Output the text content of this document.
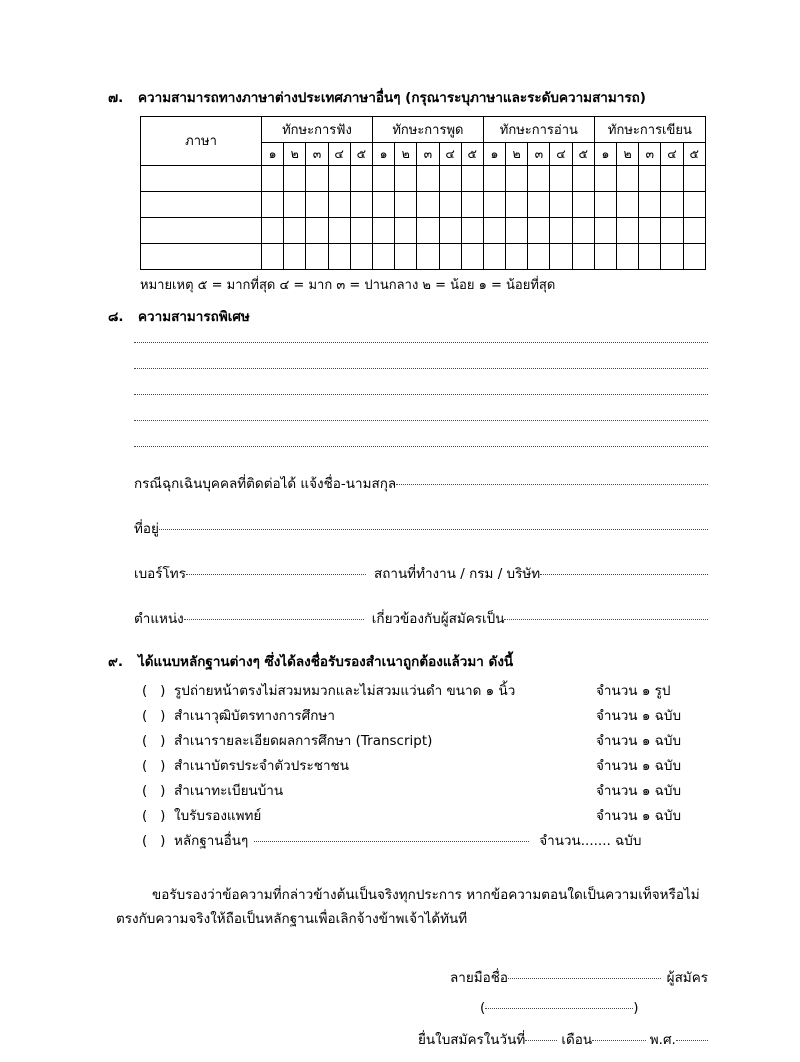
๗.	ความสามารถทางภาษาต่างประเทศภาษาอื่นๆ (กรุณาระบุภาษาและระดับความสามารถ)
ภาษา	ทักษะการฟัง					ทักษะการพูด					ทักษะการอ่าน					ทักษะการเขียน				
	๑	๒	๓	๔	๕	๑	๒	๓	๔	๕	๑	๒	๓	๔	๕	๑	๒	๓	๔	๕

หมายเหตุ ๕ = มากที่สุด ๔ = มาก ๓ = ปานกลาง ๒ = น้อย ๑ = น้อยที่สุด
๘.	ความสามารถพิเศษ
กรณีฉุกเฉินบุคคลที่ติดต่อได้ แจ้งชื่อ-นามสกุล
ที่อยู่
เบอร์โทร	สถานที่ทำงาน / กรม / บริษัท
ตำแหน่ง	เกี่ยวข้องกับผู้สมัครเป็น
๙.	ได้แนบหลักฐานต่างๆ ซึ่งได้ลงชื่อรับรองสำเนาถูกต้องแล้วมา ดังนี้
(   ) รูปถ่ายหน้าตรงไม่สวมหมวกและไม่สวมแว่นดำ ขนาด ๑ นิ้ว	จำนวน ๑ รูป
(   ) สำเนาวุฒิบัตรทางการศึกษา	จำนวน ๑ ฉบับ
(   ) สำเนารายละเอียดผลการศึกษา (Transcript)	จำนวน ๑ ฉบับ
(   ) สำเนาบัตรประจำตัวประชาชน	จำนวน ๑ ฉบับ
(   ) สำเนาทะเบียนบ้าน	จำนวน ๑ ฉบับ
(   ) ใบรับรองแพทย์	จำนวน ๑ ฉบับ
(   ) หลักฐานอื่นๆ	จำนวน....... ฉบับ
ขอรับรองว่าข้อความที่กล่าวข้างต้นเป็นจริงทุกประการ หากข้อความตอนใดเป็นความเท็จหรือไม่ตรงกับความจริงให้ถือเป็นหลักฐานเพื่อเลิกจ้างข้าพเจ้าได้ทันที
ลายมือชื่อ	ผู้สมัคร
(	)
ยื่นใบสมัครในวันที่	เดือน	พ.ศ.
